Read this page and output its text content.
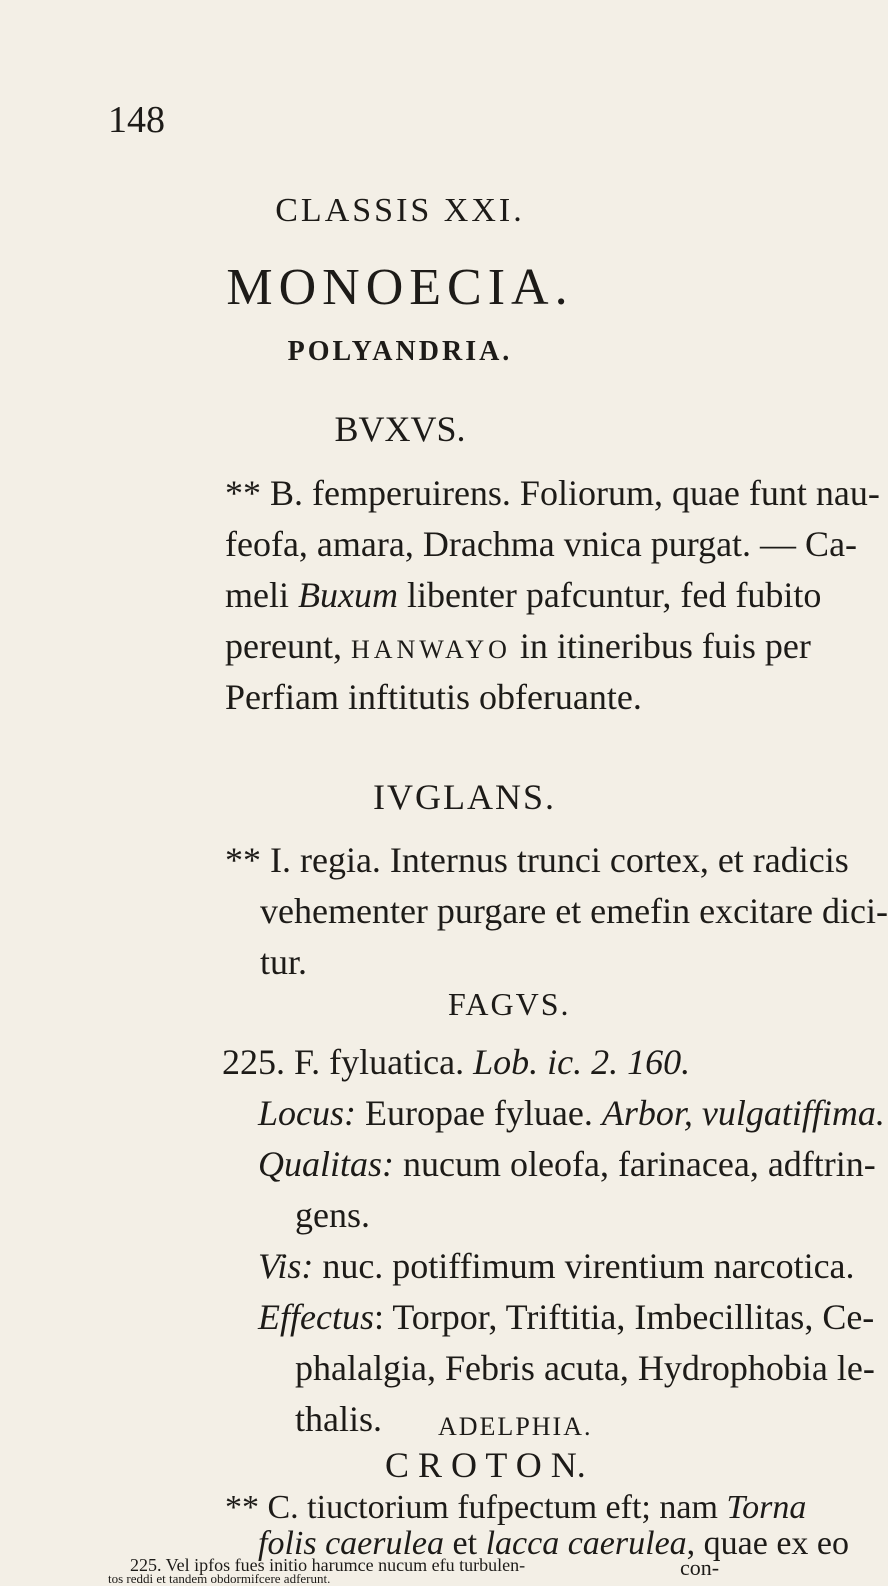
148
CLASSIS XXI.
MONOECIA.
POLYANDRIA.
BVXVS.
** B. femperuirens. Foliorum, quae funt nau-
feofa, amara, Drachma vnica purgat. — Ca-
meli Buxum libenter pafcuntur, fed fubito
pereunt, HANWAYO in itineribus fuis per
Perfiam inftitutis obferuante.
IVGLANS.
** I. regia. Internus trunci cortex, et radicis
vehementer purgare et emefin excitare dici-
tur.
FAGVS.
225. F. fyluatica. Lob. ic. 2. 160.
Locus: Europae fyluae. Arbor, vulgatiffima.
Qualitas: nucum oleofa, farinacea, adftrin-
gens.
Vis: nuc. potiffimum virentium narcotica.
Effectus: Torpor, Triftitia, Imbecillitas, Ce-
phalalgia, Febris acuta, Hydrophobia le-
thalis. ADELPHIA.
C R O T O N.
** C. tiuctorium fufpectum eft; nam Torna
folis caerulea et lacca caerulea, quae ex eo
con-
225. Vel ipfos fues initio harumce nucum efu turbulen-
tos reddi et tandem obdormifcere adferunt.
